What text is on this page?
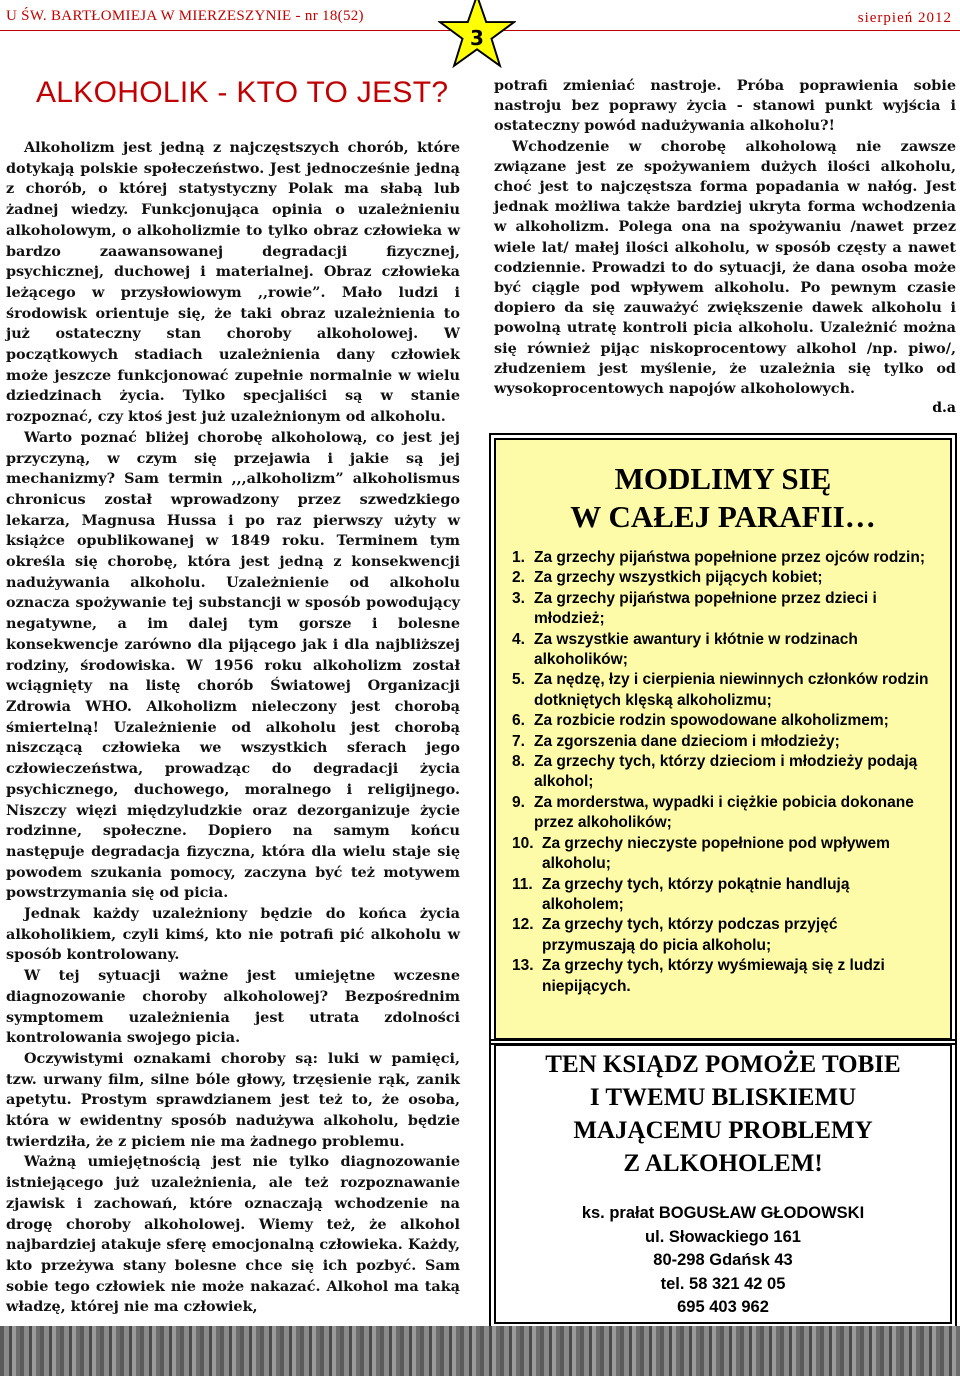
U ŚW. BARTŁOMIEJA W MIERZESZYNIE - nr 18(52)	sierpień 2012
3
ALKOHOLIK - KTO TO JEST?

Alkoholizm jest jedną z najczęstszych chorób, które dotykają polskie społeczeństwo. Jest jednocześnie jedną z chorób, o której statystyczny Polak ma słabą lub żadnej wiedzy. Funkcjonująca opinia o uzależnieniu alkoholowym, o alkoholizmie to tylko obraz człowieka w bardzo zaawansowanej degradacji fizycznej, psychicznej, duchowej i materialnej. Obraz człowieka leżącego w przysłowiowym ,,rowie”. Mało ludzi i środowisk orientuje się, że taki obraz uzależnienia to już ostateczny stan choroby alkoholowej. W początkowych stadiach uzależnienia dany człowiek może jeszcze funkcjonować zupełnie normalnie w wielu dziedzinach życia. Tylko specjaliści są w stanie rozpoznać, czy ktoś jest już uzależnionym od alkoholu.

Warto poznać bliżej chorobę alkoholową, co jest jej przyczyną, w czym się przejawia i jakie są jej mechanizmy? Sam termin ,,,alkoholizm” alkoholismus chronicus został wprowadzony przez szwedzkiego lekarza, Magnusa Hussa i po raz pierwszy użyty w książce opublikowanej w 1849 roku. Terminem tym określa się chorobę, która jest jedną z konsekwencji nadużywania alkoholu. Uzależnienie od alkoholu oznacza spożywanie tej substancji w sposób powodujący negatywne, a im dalej tym gorsze i bolesne konsekwencje zarówno dla pijącego jak i dla najbliższej rodziny, środowiska. W 1956 roku alkoholizm został wciągnięty na listę chorób Światowej Organizacji Zdrowia WHO. Alkoholizm nieleczony jest chorobą śmiertelną! Uzależnienie od alkoholu jest chorobą niszczącą człowieka we wszystkich sferach jego człowieczeństwa, prowadząc do degradacji życia psychicznego, duchowego, moralnego i religijnego. Niszczy więzi międzyludzkie oraz dezorganizuje życie rodzinne, społeczne. Dopiero na samym końcu następuje degradacja fizyczna, która dla wielu staje się powodem szukania pomocy, zaczyna być też motywem powstrzymania się od picia.

Jednak każdy uzależniony będzie do końca życia alkoholikiem, czyli kimś, kto nie potrafi pić alkoholu w sposób kontrolowany.

W tej sytuacji ważne jest umiejętne wczesne diagnozowanie choroby alkoholowej? Bezpośrednim symptomem uzależnienia jest utrata zdolności kontrolowania swojego picia.

Oczywistymi oznakami choroby są: luki w pamięci, tzw. urwany film, silne bóle głowy, trzęsienie rąk, zanik apetytu. Prostym sprawdzianem jest też to, że osoba, która w ewidentny sposób nadużywa alkoholu, będzie twierdziła, że z piciem nie ma żadnego problemu.

Ważną umiejętnością jest nie tylko diagnozowanie istniejącego już uzależnienia, ale też rozpoznawanie zjawisk i zachowań, które oznaczają wchodzenie na drogę choroby alkoholowej. Wiemy też, że alkohol najbardziej atakuje sferę emocjonalną człowieka. Każdy, kto przeżywa stany bolesne chce się ich pozbyć. Sam sobie tego człowiek nie może nakazać. Alkohol ma taką władzę, której nie ma człowiek,

potrafi zmieniać nastroje. Próba poprawienia sobie nastroju bez poprawy życia - stanowi punkt wyjścia i ostateczny powód nadużywania alkoholu?!

Wchodzenie w chorobę alkoholową nie zawsze związane jest ze spożywaniem dużych ilości alkoholu, choć jest to najczęstsza forma popadania w nałóg. Jest jednak możliwa także bardziej ukryta forma wchodzenia w alkoholizm. Polega ona na spożywaniu /nawet przez wiele lat/ małej ilości alkoholu, w sposób częsty a nawet codziennie. Prowadzi to do sytuacji, że dana osoba może być ciągle pod wpływem alkoholu. Po pewnym czasie dopiero da się zauważyć zwiększenie dawek alkoholu i powolną utratę kontroli picia alkoholu. Uzależnić można się również pijąc niskoprocentowy alkohol /np. piwo/, złudzeniem jest myślenie, że uzależnia się tylko od wysokoprocentowych napojów alkoholowych.

d.a
MODLIMY SIĘ
W CAŁEJ PARAFII…
1. Za grzechy pijaństwa popełnione przez ojców rodzin;
2. Za grzechy wszystkich pijących kobiet;
3. Za grzechy pijaństwa popełnione przez dzieci i młodzież;
4. Za wszystkie awantury i kłótnie w rodzinach alkoholików;
5. Za nędzę, łzy i cierpienia niewinnych członków rodzin dotkniętych klęską alkoholizmu;
6. Za rozbicie rodzin spowodowane alkoholizmem;
7. Za zgorszenia dane dzieciom i młodzieży;
8. Za grzechy tych, którzy dzieciom i młodzieży podają alkohol;
9. Za morderstwa, wypadki i ciężkie pobicia dokonane przez alkoholików;
10. Za grzechy nieczyste popełnione pod wpływem alkoholu;
11. Za grzechy tych, którzy pokątnie handlują alkoholem;
12. Za grzechy tych, którzy podczas przyjęć przymuszają do picia alkoholu;
13. Za grzechy tych, którzy wyśmiewają się z ludzi niepijących.
TEN KSIĄDZ POMOŻE TOBIE
I TWEMU BLISKIEMU
MAJĄCEMU PROBLEMY
Z ALKOHOLEM!
ks. prałat BOGUSŁAW GŁODOWSKI
ul. Słowackiego 161
80-298 Gdańsk 43
tel. 58 321 42 05
695 403 962
